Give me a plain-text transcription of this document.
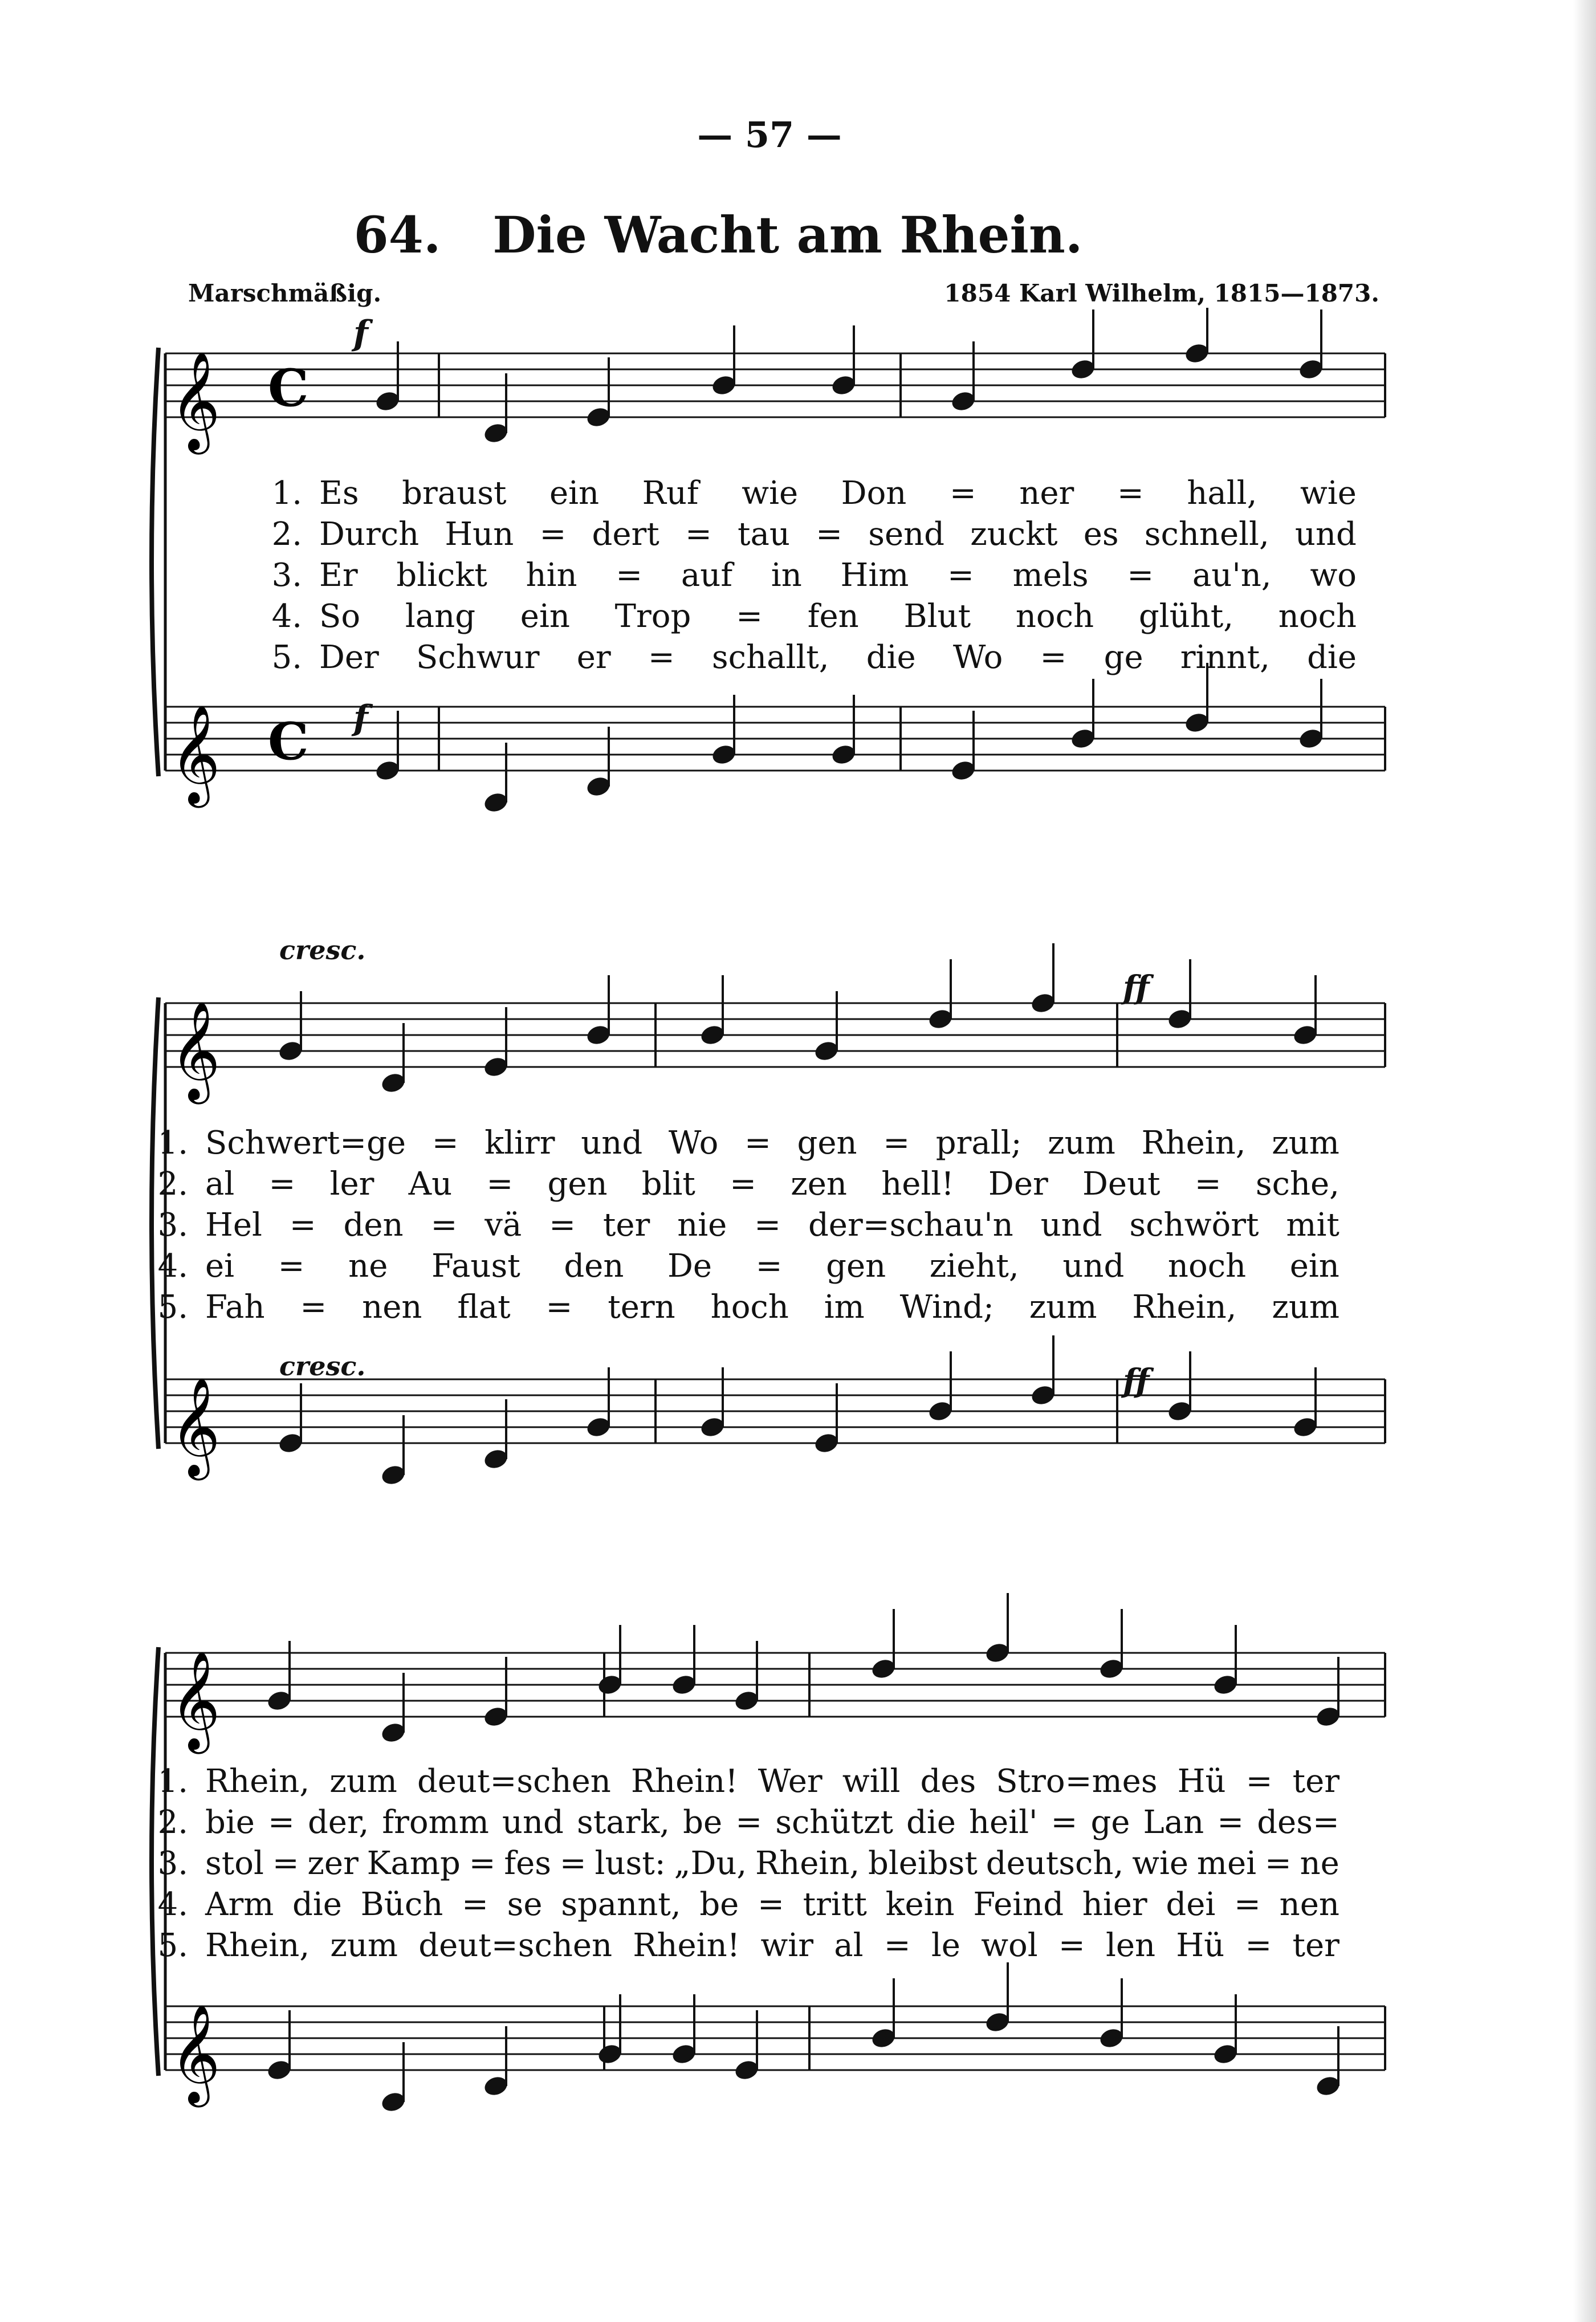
— 57 —
64. Die Wacht am Rhein.
Marschmäßig.	1854 Karl Wilhelm, 1815—1873.
𝄞 C
𝄞 C
f
f
1. Es braust ein Ruf wie Don = ner = hall, wie
2. Durch Hun = dert = tau = send zuckt es schnell, und
3. Er blickt hin = auf in Him = mels = au'n, wo
4. So lang ein Trop = fen Blut noch glüht, noch
5. Der Schwur er = schallt, die Wo = ge rinnt, die
𝄞
𝄞
cresc.
ff
cresc.	ff
1. Schwert=ge = klirr und Wo = gen = prall; zum Rhein, zum
2. al = ler Au = gen blit = zen hell! Der Deut = sche,
3. Hel = den = vä = ter nie = der=schau'n und schwört mit
4. ei = ne Faust den De = gen zieht, und noch ein
5. Fah = nen flat = tern hoch im Wind; zum Rhein, zum
𝄞
𝄞
1. Rhein, zum deut=schen Rhein! Wer will des Stro=mes Hü = ter
2. bie = der, fromm und stark, be = schützt die heil' = ge Lan = des=
3. stol = zer Kamp = fes = lust: „Du, Rhein, bleibst deutsch, wie mei = ne
4. Arm die Büch = se spannt, be = tritt kein Feind hier dei = nen
5. Rhein, zum deut=schen Rhein! wir al = le wol = len Hü = ter
